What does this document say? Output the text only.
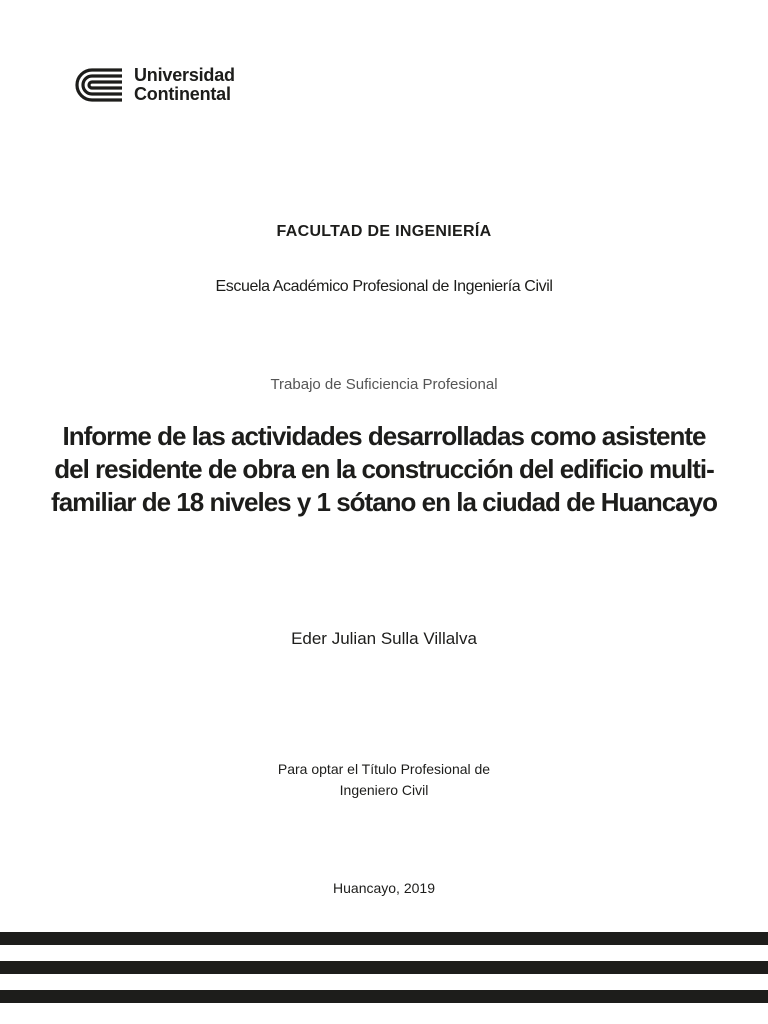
Universidad
Continental
FACULTAD DE INGENIERÍA
Escuela Académico Profesional de Ingeniería Civil
Trabajo de Suficiencia Profesional
Informe de las actividades desarrolladas como asistente
del residente de obra en la construcción del edificio multi-
familiar de 18 niveles y 1 sótano en la ciudad de Huancayo
Eder Julian Sulla Villalva
Para optar el Título Profesional de
Ingeniero Civil
Huancayo, 2019
